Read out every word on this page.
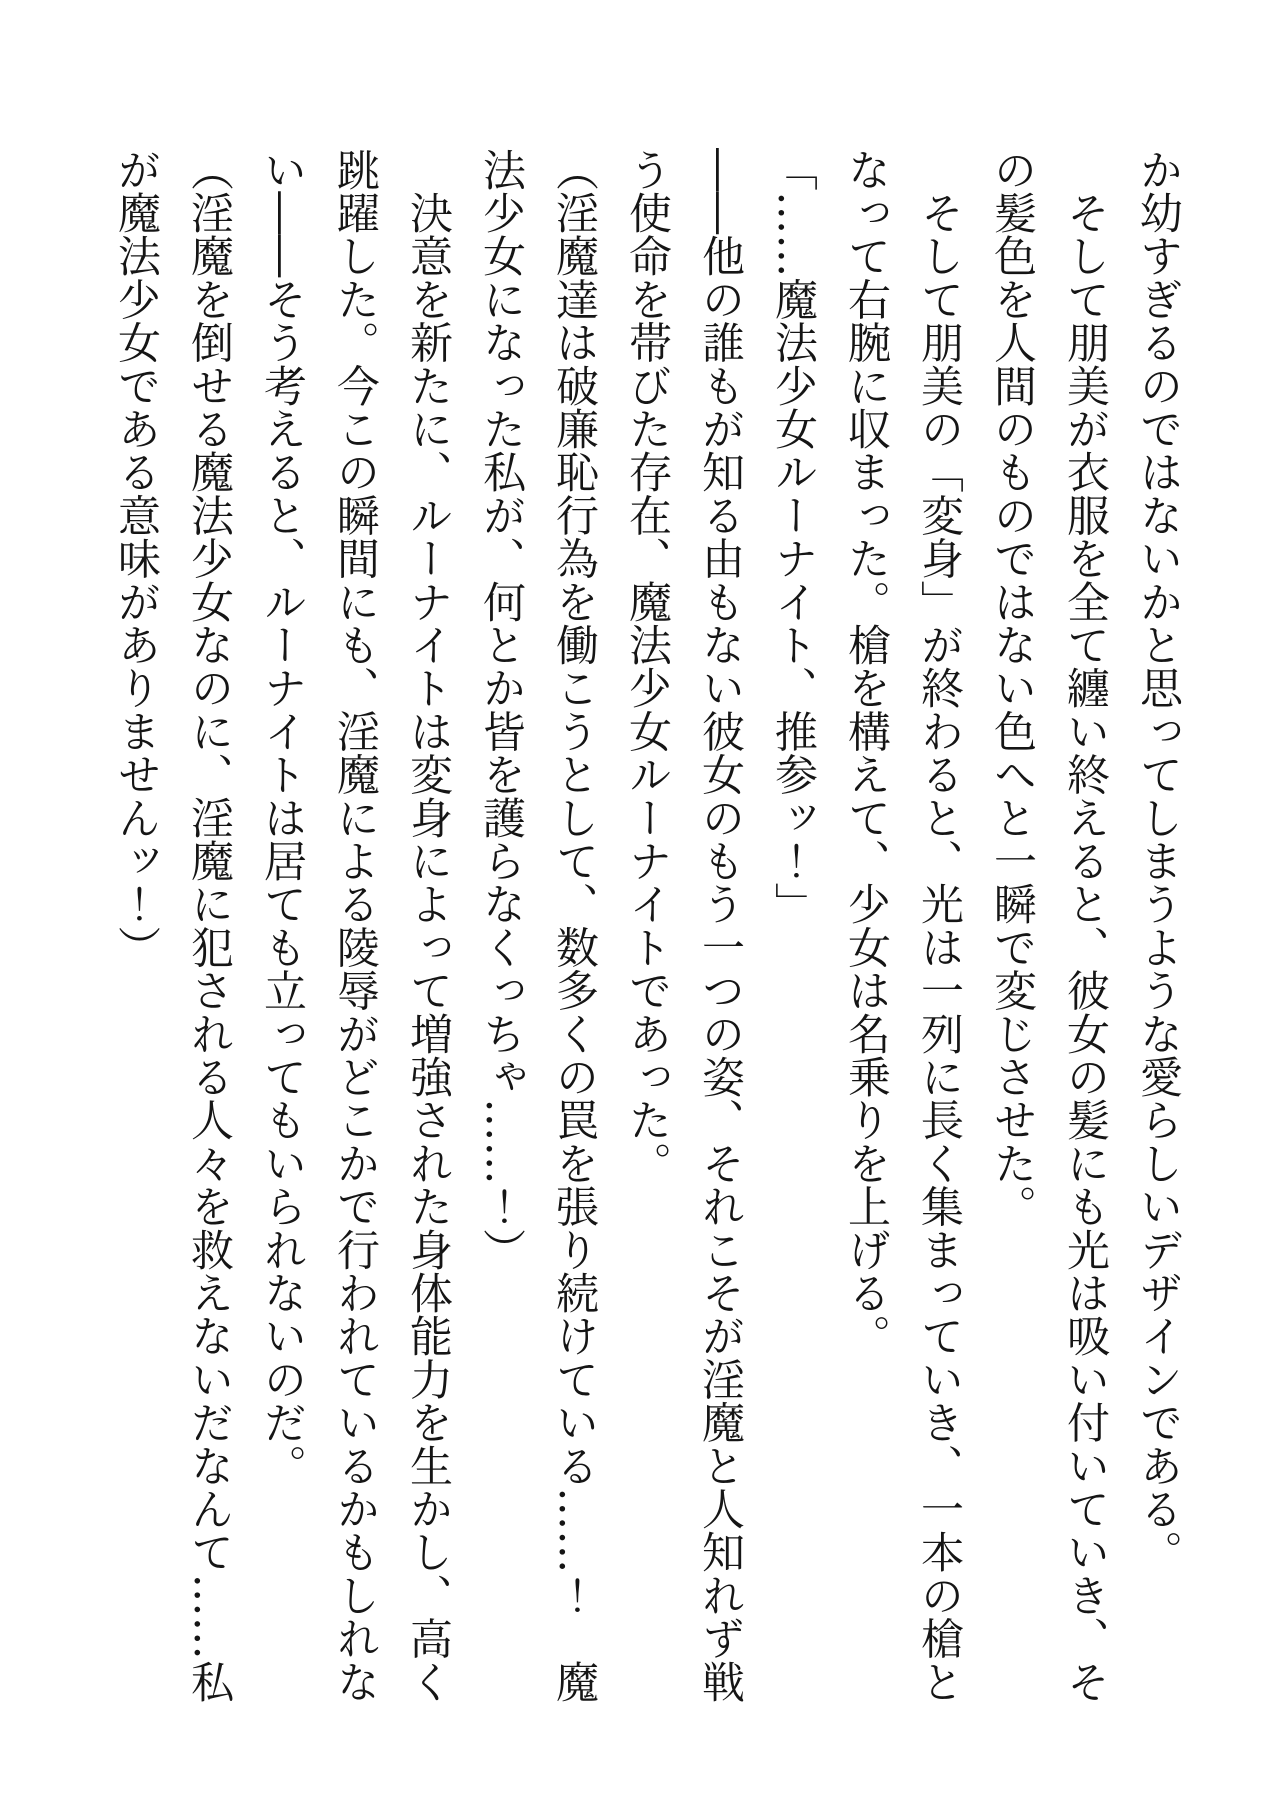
か幼すぎるのではないかと思ってしまうような愛らしいデザインである。

　そして朋美が衣服を全て纏い終えると、彼女の髪にも光は吸い付いていき、その髪色を人間のものではない色へと一瞬で変じさせた。

　そして朋美の「変身」が終わると、光は一列に長く集まっていき、一本の槍となって右腕に収まった。槍を構えて、少女は名乗りを上げる。

「……魔法少女ルーナイト、推参ッ！」

――他の誰もが知る由もない彼女のもう一つの姿、それこそが淫魔と人知れず戦う使命を帯びた存在、魔法少女ルーナイトであった。

（淫魔達は破廉恥行為を働こうとして、数多くの罠を張り続けている……！　魔法少女になった私が、何とか皆を護らなくっちゃ……！）

　決意を新たに、ルーナイトは変身によって増強された身体能力を生かし、高く跳躍した。今この瞬間にも、淫魔による陵辱がどこかで行われているかもしれない――そう考えると、ルーナイトは居ても立ってもいられないのだ。

（淫魔を倒せる魔法少女なのに、淫魔に犯される人々を救えないだなんて……私が魔法少女である意味がありませんッ！）
